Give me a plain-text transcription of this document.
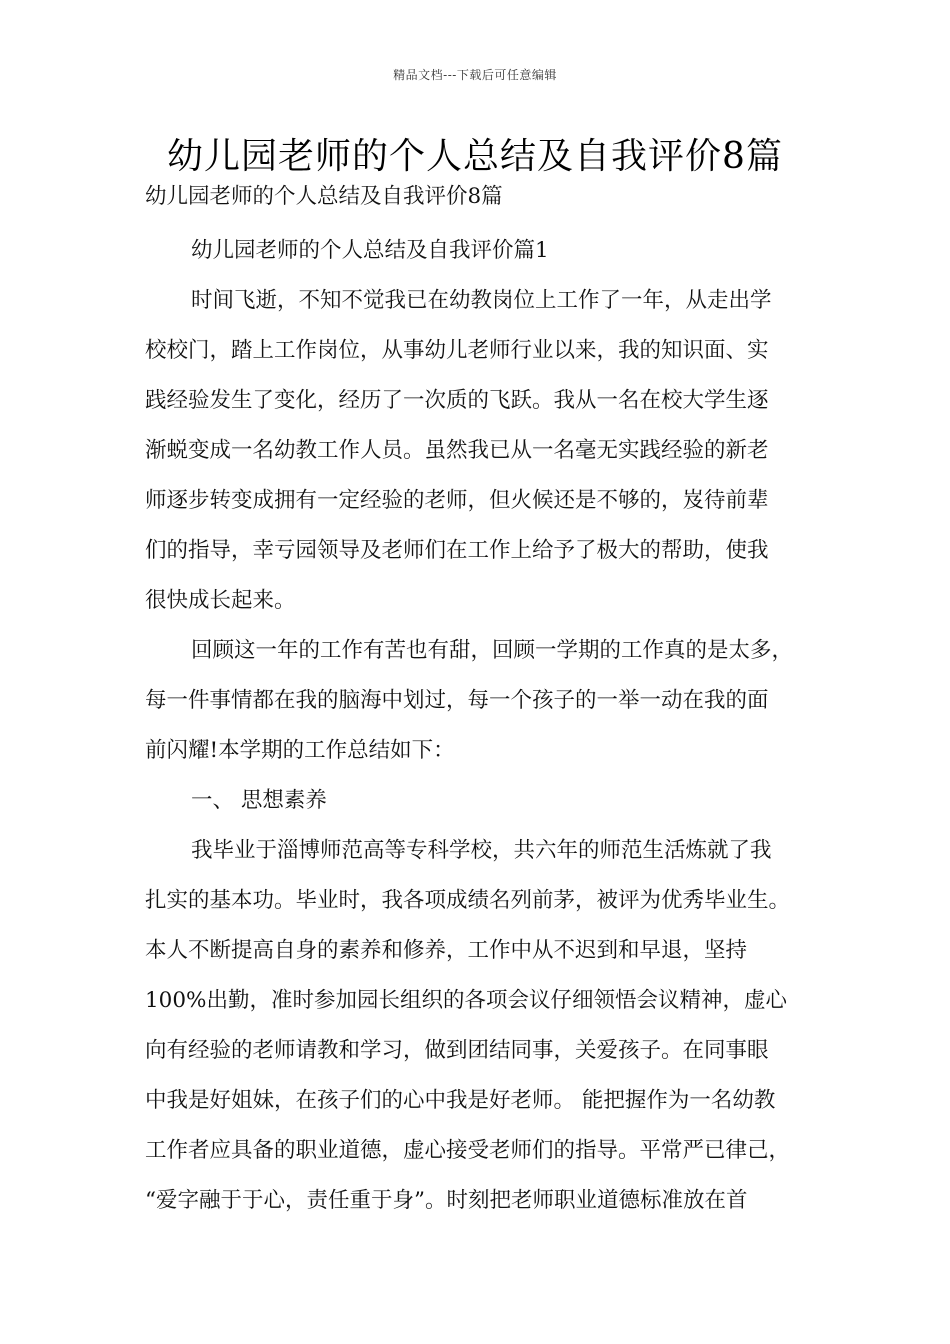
精品文档---下载后可任意编辑
幼儿园老师的个人总结及自我评价8篇
幼儿园老师的个人总结及自我评价8篇
幼儿园老师的个人总结及自我评价篇1
时间飞逝，不知不觉我已在幼教岗位上工作了一年，从走出学
校校门，踏上工作岗位，从事幼儿老师行业以来，我的知识面、实
践经验发生了变化，经历了一次质的飞跃。我从一名在校大学生逐
渐蜕变成一名幼教工作人员。虽然我已从一名毫无实践经验的新老
师逐步转变成拥有一定经验的老师，但火候还是不够的，岌待前辈
们的指导，幸亏园领导及老师们在工作上给予了极大的帮助，使我
很快成长起来。
回顾这一年的工作有苦也有甜，回顾一学期的工作真的是太多，
每一件事情都在我的脑海中划过，每一个孩子的一举一动在我的面
前闪耀!本学期的工作总结如下：
一、 思想素养
我毕业于淄博师范高等专科学校，共六年的师范生活炼就了我
扎实的基本功。毕业时，我各项成绩名列前茅，被评为优秀毕业生。
本人不断提高自身的素养和修养，工作中从不迟到和早退，坚持
100%出勤，准时参加园长组织的各项会议仔细领悟会议精神，虚心
向有经验的老师请教和学习，做到团结同事，关爱孩子。在同事眼
中我是好姐妹，在孩子们的心中我是好老师。 能把握作为一名幼教
工作者应具备的职业道德，虚心接受老师们的指导。平常严已律己，
“爱字融于于心，责任重于身”。时刻把老师职业道德标准放在首
